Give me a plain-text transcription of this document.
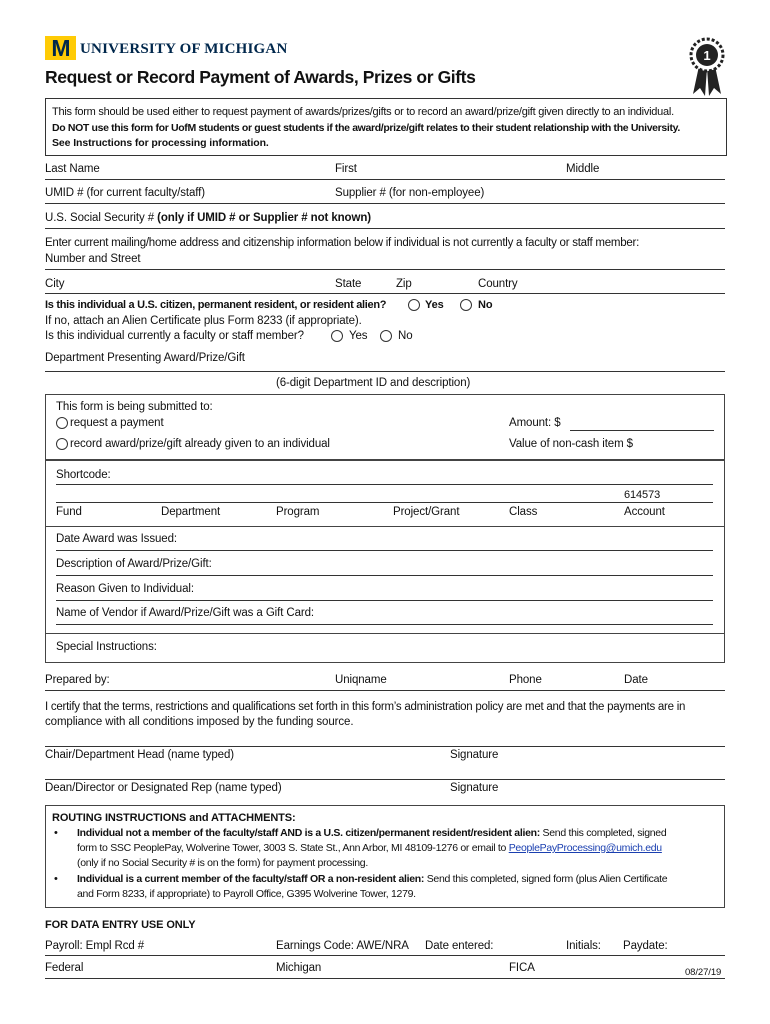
M UNIVERSITY OF MICHIGAN	1
Request or Record Payment of Awards, Prizes or Gifts
This form should be used either to request payment of awards/prizes/gifts or to record an award/prize/gift given directly to an individual.
Do NOT use this form for UofM students or guest students if the award/prize/gift relates to their student relationship with the University.
See Instructions for processing information.
Last Name	First	Middle
UMID # (for current faculty/staff)	Supplier # (for non-employee)
U.S. Social Security # (only if UMID # or Supplier # not known)
Enter current mailing/home address and citizenship information below if individual is not currently a faculty or staff member:
Number and Street
City	State	Zip	Country
Is this individual a U.S. citizen, permanent resident, or resident alien?	Yes	No
If no, attach an Alien Certificate plus Form 8233 (if appropriate).
Is this individual currently a faculty or staff member?	Yes	No
Department Presenting Award/Prize/Gift
(6-digit Department ID and description)
This form is being submitted to:
request a payment	Amount: $
record award/prize/gift already given to an individual	Value of non-cash item $
Shortcode:
614573
Fund	Department	Program	Project/Grant	Class	Account
Date Award was Issued:
Description of Award/Prize/Gift:
Reason Given to Individual:
Name of Vendor if Award/Prize/Gift was a Gift Card:
Special Instructions:
Prepared by:	Uniqname	Phone	Date
I certify that the terms, restrictions and qualifications set forth in this form’s administration policy are met and that the payments are in
compliance with all conditions imposed by the funding source.
Chair/Department Head (name typed)	Signature
Dean/Director or Designated Rep (name typed)	Signature
ROUTING INSTRUCTIONS and ATTACHMENTS:
• Individual not a member of the faculty/staff AND is a U.S. citizen/permanent resident/resident alien: Send this completed, signed
form to SSC PeoplePay, Wolverine Tower, 3003 S. State St., Ann Arbor, MI 48109-1276 or email to PeoplePayProcessing@umich.edu
(only if no Social Security # is on the form) for payment processing.
• Individual is a current member of the faculty/staff OR a non-resident alien: Send this completed, signed form (plus Alien Certificate
and Form 8233, if appropriate) to Payroll Office, G395 Wolverine Tower, 1279.
FOR DATA ENTRY USE ONLY
Payroll: Empl Rcd #	Earnings Code: AWE/NRA Date entered:	Initials: Paydate:
Federal	Michigan	FICA	08/27/19
